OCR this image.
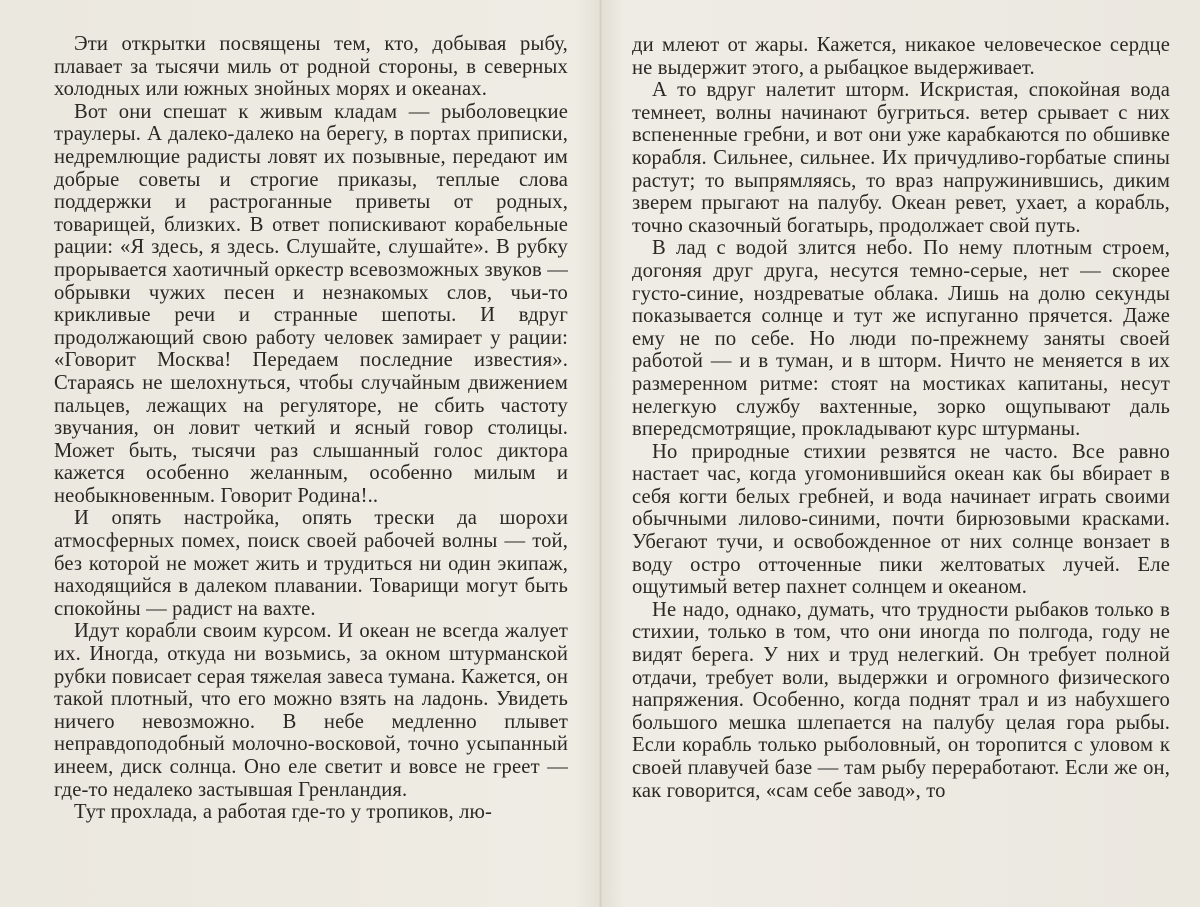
Эти открытки посвящены тем, кто, добывая рыбу, плавает за тысячи миль от родной стороны, в северных холодных или южных знойных морях и океанах.

Вот они спешат к живым кладам — рыболовецкие траулеры. А далеко-далеко на берегу, в портах приписки, недремлющие радисты ловят их позывные, передают им добрые советы и строгие приказы, теплые слова поддержки и растроганные приветы от родных, товарищей, близких. В ответ попискивают корабельные рации: «Я здесь, я здесь. Слушайте, слушайте». В рубку прорывается хаотичный оркестр всевозможных звуков — обрывки чужих песен и незнакомых слов, чьи-то крикливые речи и странные шепоты. И вдруг продолжающий свою работу человек замирает у рации: «Говорит Москва! Передаем последние известия». Стараясь не шелохнуться, чтобы случайным движением пальцев, лежащих на регуляторе, не сбить частоту звучания, он ловит четкий и ясный говор столицы. Может быть, тысячи раз слышанный голос диктора кажется особенно желанным, особенно милым и необыкновенным. Говорит Родина!..

И опять настройка, опять трески да шорохи атмосферных помех, поиск своей рабочей волны — той, без которой не может жить и трудиться ни один экипаж, находящийся в далеком плавании. Товарищи могут быть спокойны — радист на вахте.

Идут корабли своим курсом. И океан не всегда жалует их. Иногда, откуда ни возьмись, за окном штурманской рубки повисает серая тяжелая завеса тумана. Кажется, он такой плотный, что его можно взять на ладонь. Увидеть ничего невозможно. В небе медленно плывет неправдоподобный молочно-восковой, точно усыпанный инеем, диск солнца. Оно еле светит и вовсе не греет — где-то недалеко застывшая Гренландия.

Тут прохлада, а работая где-то у тропиков, лю-

ди млеют от жары. Кажется, никакое человеческое сердце не выдержит этого, а рыбацкое выдерживает.

А то вдруг налетит шторм. Искристая, спокойная вода темнеет, волны начинают бугриться. ветер срывает с них вспененные гребни, и вот они уже карабкаются по обшивке корабля. Сильнее, сильнее. Их причудливо-горбатые спины растут; то выпрямляясь, то враз напружинившись, диким зверем прыгают на палубу. Океан ревет, ухает, а корабль, точно сказочный богатырь, продолжает свой путь.

В лад с водой злится небо. По нему плотным строем, догоняя друг друга, несутся темно-серые, нет — скорее густо-синие, ноздреватые облака. Лишь на долю секунды показывается солнце и тут же испуганно прячется. Даже ему не по себе. Но люди по-прежнему заняты своей работой — и в туман, и в шторм. Ничто не меняется в их размеренном ритме: стоят на мостиках капитаны, несут нелегкую службу вахтенные, зорко ощупывают даль впередсмотрящие, прокладывают курс штурманы.

Но природные стихии резвятся не часто. Все равно настает час, когда угомонившийся океан как бы вбирает в себя когти белых гребней, и вода начинает играть своими обычными лилово-синими, почти бирюзовыми красками. Убегают тучи, и освобожденное от них солнце вонзает в воду остро отточенные пики желтоватых лучей. Еле ощутимый ветер пахнет солнцем и океаном.

Не надо, однако, думать, что трудности рыбаков только в стихии, только в том, что они иногда по полгода, году не видят берега. У них и труд нелегкий. Он требует полной отдачи, требует воли, выдержки и огромного физического напряжения. Особенно, когда поднят трал и из набухшего большого мешка шлепается на палубу целая гора рыбы. Если корабль только рыболовный, он торопится с уловом к своей плавучей базе — там рыбу переработают. Если же он, как говорится, «сам себе завод», то
